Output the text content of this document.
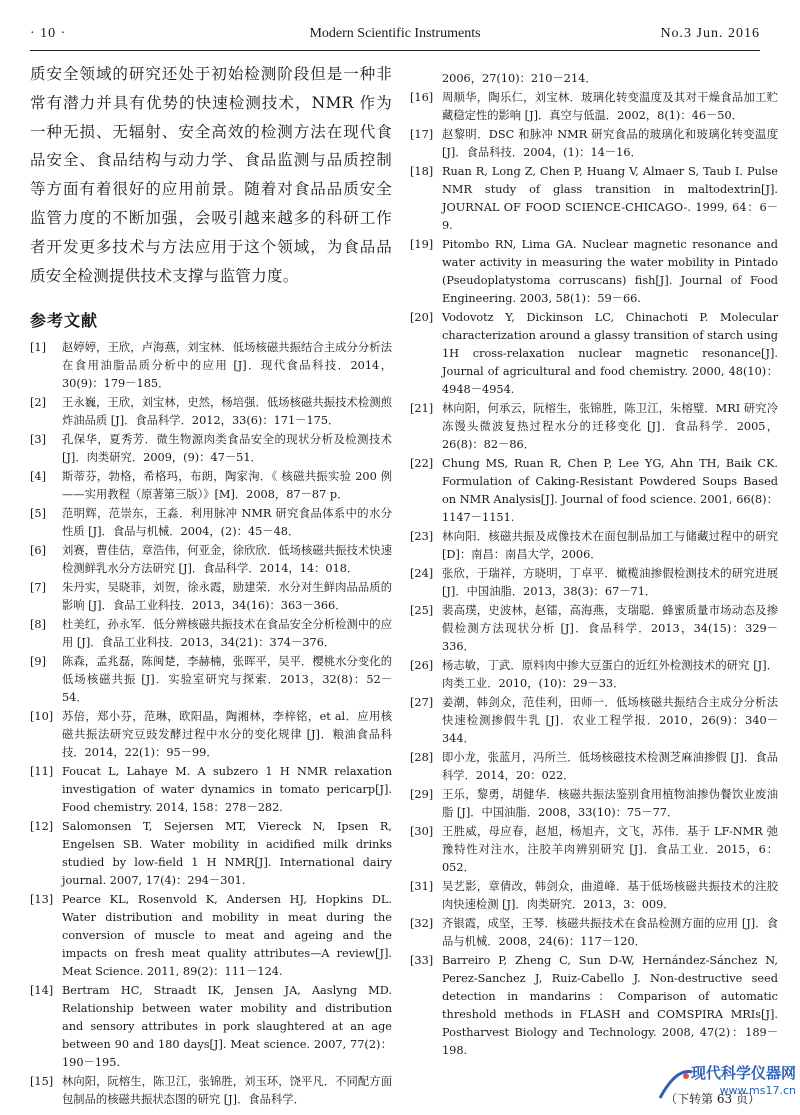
· 10 ·	Modern Scientific Instruments	No.3 Jun. 2016

质安全领域的研究还处于初始检测阶段但是一种非常有潜力并具有优势的快速检测技术，NMR 作为一种无损、无辐射、安全高效的检测方法在现代食品安全、食品结构与动力学、食品监测与品质控制等方面有着很好的应用前景。随着对食品品质安全监管力度的不断加强，会吸引越来越多的科研工作者开发更多技术与方法应用于这个领域，为食品品质安全检测提供技术支撑与监管力度。

参考文献
[1] 赵婷婷，王欣，卢海燕，刘宝林．低场核磁共振结合主成分分析法在食用油脂品质分析中的应用 [J]．现代食品科技．2014，30(9)：179－185．
[2] 王永巍，王欣，刘宝林，史然，杨培强．低场核磁共振技术检测煎炸油品质 [J]．食品科学．2012，33(6)：171－175．
[3] 孔保华，夏秀芳．微生物源肉类食品安全的现状分析及检测技术 [J]．肉类研究．2009，(9)：47－51．
[4] 斯蒂芬，勃格，希格玛，布朗，陶家洵．《 核磁共振实验 200 例——实用教程（原著第三版）》[M]．2008，87－87 p．
[5] 范明辉，范崇东，王淼．利用脉冲 NMR 研究食品体系中的水分性质 [J]．食品与机械．2004，(2)：45－48．
[6] 刘赛，曹佳佶，章浩伟，何亚金，徐欣欣．低场核磁共振技术快速检测鲜乳水分方法研究 [J]．食品科学．2014，14：018．
[7] 朱丹实，吴晓菲，刘贺，徐永霞，励建荣．水分对生鲜肉品品质的影响 [J]．食品工业科技．2013，34(16)：363－366．
[8] 杜美红，孙永军．低分辨核磁共振技术在食品安全分析检测中的应用 [J]．食品工业科技．2013，34(21)：374－376．
[9] 陈森，孟兆磊，陈闽楚，李赫楠，张晖平，吴平．樱桃水分变化的低场核磁共振 [J]．实验室研究与探索．2013，32(8)：52－54．
[10] 苏倍，郑小芬，范琳，欧阳晶，陶湘林，李梓铭，et al．应用核磁共振法研究豆豉发酵过程中水分的变化规律 [J]．粮油食品科技．2014，22(1)：95－99．
[11] Foucat L, Lahaye M. A subzero 1 H NMR relaxation investigation of water dynamics in tomato pericarp[J]. Food chemistry. 2014, 158：278－282.
[12] Salomonsen T, Sejersen MT, Viereck N, Ipsen R, Engelsen SB. Water mobility in acidified milk drinks studied by low-field 1 H NMR[J]. International dairy journal. 2007, 17(4)：294－301.
[13] Pearce KL, Rosenvold K, Andersen HJ, Hopkins DL. Water distribution and mobility in meat during the conversion of muscle to meat and ageing and the impacts on fresh meat quality attributes—A review[J]. Meat Science. 2011, 89(2)：111－124.
[14] Bertram HC, Straadt IK, Jensen JA, Aaslyng MD. Relationship between water mobility and distribution and sensory attributes in pork slaughtered at an age between 90 and 180 days[J]. Meat science. 2007, 77(2)：190－195.
[15] 林向阳，阮榕生，陈卫江，张锦胜，刘玉环，饶平凡．不同配方面包制品的核磁共振状态图的研究 [J]．食品科学．
2006，27(10)：210－214．
[16] 周顺华，陶乐仁，刘宝林．玻璃化转变温度及其对干燥食品加工贮藏稳定性的影响 [J]．真空与低温．2002，8(1)：46－50．
[17] 赵黎明．DSC 和脉冲 NMR 研究食品的玻璃化和玻璃化转变温度 [J]．食品科技．2004，(1)：14－16．
[18] Ruan R, Long Z, Chen P, Huang V, Almaer S, Taub I. Pulse NMR study of glass transition in maltodextrin[J]. JOURNAL OF FOOD SCIENCE-CHICAGO-. 1999, 64：6－9.
[19] Pitombo RN, Lima GA. Nuclear magnetic resonance and water activity in measuring the water mobility in Pintado (Pseudoplatystoma corruscans) fish[J]. Journal of Food Engineering. 2003, 58(1)：59－66.
[20] Vodovotz Y, Dickinson LC, Chinachoti P. Molecular characterization around a glassy transition of starch using 1H cross-relaxation nuclear magnetic resonance[J]. Journal of agricultural and food chemistry. 2000, 48(10)：4948－4954.
[21] 林向阳，何承云，阮榕生，张锦胜，陈卫江，朱榕璧．MRI 研究冷冻馒头微波复热过程水分的迁移变化 [J]．食品科学．2005，26(8)：82－86．
[22] Chung MS, Ruan R, Chen P, Lee YG, Ahn TH, Baik CK. Formulation of Caking-Resistant Powdered Soups Based on NMR Analysis[J]. Journal of food science. 2001, 66(8)：1147－1151.
[23] 林向阳．核磁共振及成像技术在面包制品加工与储藏过程中的研究 [D]：南昌：南昌大学，2006．
[24] 张欣，于瑞祥，方晓明，丁卓平．橄榄油掺假检测技术的研究进展 [J]．中国油脂．2013，38(3)：67－71．
[25] 裴高璞，史波林，赵镭，高海燕，支瑞聪．蜂蜜质量市场动态及掺假检测方法现状分析 [J]．食品科学．2013，34(15)：329－336．
[26] 杨志敏，丁武．原料肉中掺大豆蛋白的近红外检测技术的研究 [J]．肉类工业．2010，(10)：29－33．
[27] 姜潮，韩剑众，范佳利，田师一．低场核磁共振结合主成分分析法快速检测掺假牛乳 [J]．农业工程学报．2010，26(9)：340－344．
[28] 即小龙，张蓝月，冯所兰．低场核磁技术检测芝麻油掺假 [J]．食品科学．2014，20：022．
[29] 王乐，黎勇，胡健华．核磁共振法鉴别食用植物油掺伪餐饮业废油脂 [J]．中国油脂．2008，33(10)：75－77．
[30] 王胜威，母应春，赵旭，杨旭卉，文飞，苏伟．基于 LF-NMR 弛豫特性对注水，注胶羊肉辨别研究 [J]．食品工业．2015，6：052．
[31] 吴艺影，章倩改，韩剑众，曲道峰．基于低场核磁共振技术的注胶肉快速检测 [J]．肉类研究．2013，3：009．
[32] 齐银霞，成坚，王琴．核磁共振技术在食品检测方面的应用 [J]．食品与机械．2008，24(6)：117－120．
[33] Barreiro P, Zheng C, Sun D-W, Hernández-Sánchez N, Perez-Sanchez J, Ruiz-Cabello J. Non-destructive seed detection in mandarins：Comparison of automatic threshold methods in FLASH and COMSPIRA MRIs[J]. Postharvest Biology and Technology. 2008, 47(2)：189－198.
（下转第 63 页）
现代科学仪器网
www.ms17.cn
